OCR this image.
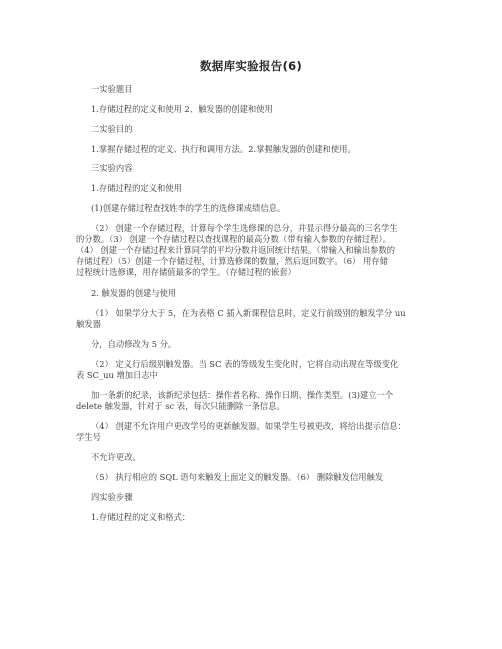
数据库实验报告(6)
一实验题目
1.存储过程的定义和使用 2、触发器的创建和使用
二实验目的
1.掌握存储过程的定义、执行和调用方法。2.掌握触发器的创建和使用。
三实验内容
1.存储过程的定义和使用
(1)创建存储过程查找姓李的学生的选修课成绩信息。
（2） 创建一个存储过程，计算每个学生选修课的总分，并显示得分最高的三名学生
的分数。（3） 创建一个存储过程以查找课程的最高分数（带有输入参数的存储过程）。
（4） 创建一个存储过程来计算同学的平均分数并返回统计结果。（带输入和输出参数的
存储过程）（5）创建一个存储过程，计算选修课的数量，然后返回数字。（6） 用存储
过程统计选修课，用存储值最多的学生。（存储过程的嵌套）
2. 触发器的创建与使用
（1） 如果学分大于 5，在为表格 C 插入新课程信息时，定义行前级别的触发学分 uu
触发器
分，自动修改为 5 分。
（2） 定义行后级别触发器。当 SC 表的等级发生变化时，它将自动出现在等级变化
表 SC_uu 增加日志中
加一条新的纪录，该新纪录包括：操作者名称、操作日期、操作类型。(3)建立一个
delete 触发器，针对于 sc 表，每次只能删除一条信息。
（4） 创建不允许用户更改学号的更新触发器。如果学生号被更改，将给出提示信息：
学生号
不允许更改。
（5） 执行相应的 SQL 语句来触发上面定义的触发器。（6） 删除触发信用触发
四实验步骤
1.存储过程的定义和格式：
